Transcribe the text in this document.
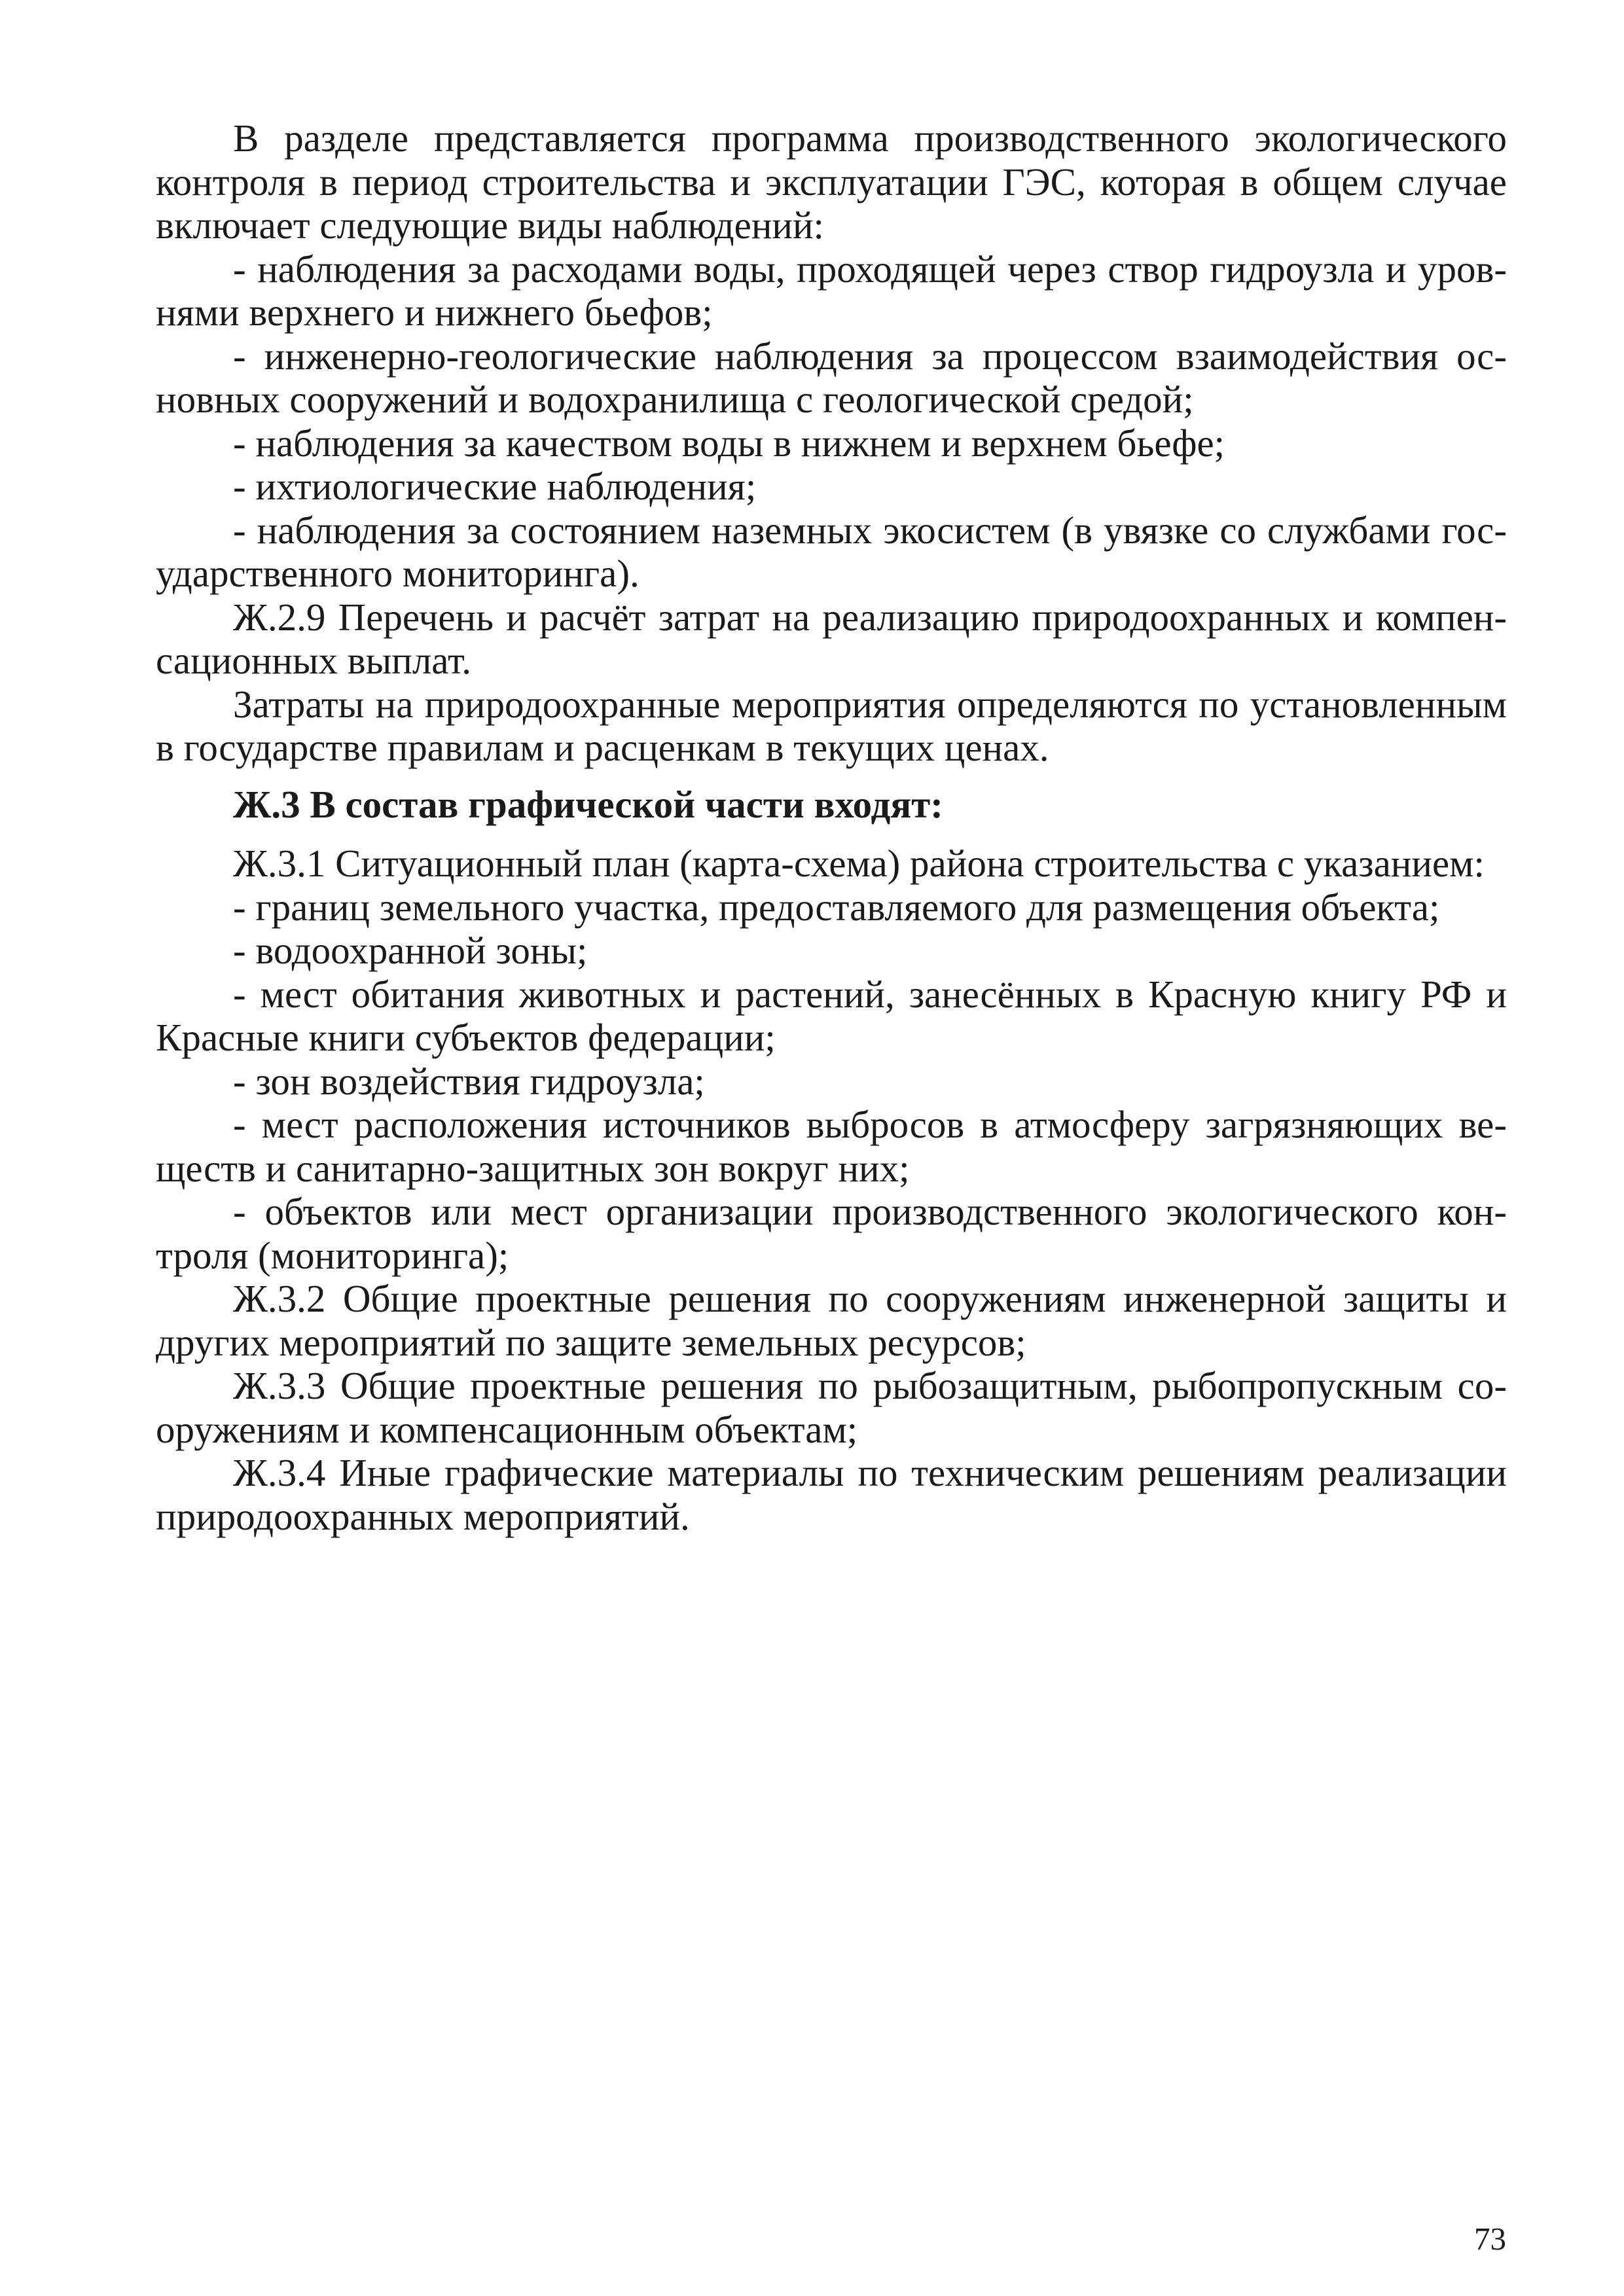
В разделе представляется программа производственного экологического контроля в период строительства и эксплуатации ГЭС, которая в общем случае включает следующие виды наблюдений:

- наблюдения за расходами воды, проходящей через створ гидроузла и уровнями верхнего и нижнего бьефов;

- инженерно-геологические наблюдения за процессом взаимодействия основных сооружений и водохранилища с геологической средой;

- наблюдения за качеством воды в нижнем и верхнем бьефе;

- ихтиологические наблюдения;

- наблюдения за состоянием наземных экосистем (в увязке со службами государственного мониторинга).

Ж.2.9 Перечень и расчёт затрат на реализацию природоохранных и компенсационных выплат.

Затраты на природоохранные мероприятия определяются по установленным в государстве правилам и расценкам в текущих ценах.

Ж.3 В состав графической части входят:

Ж.3.1 Ситуационный план (карта-схема) района строительства с указанием:

- границ земельного участка, предоставляемого для размещения объекта;

- водоохранной зоны;

- мест обитания животных и растений, занесённых в Красную книгу РФ и Красные книги субъектов федерации;

- зон воздействия гидроузла;

- мест расположения источников выбросов в атмосферу загрязняющих веществ и санитарно-защитных зон вокруг них;

- объектов или мест организации производственного экологического контроля (мониторинга);

Ж.3.2 Общие проектные решения по сооружениям инженерной защиты и других мероприятий по защите земельных ресурсов;

Ж.3.3 Общие проектные решения по рыбозащитным, рыбопропускным сооружениям и компенсационным объектам;

Ж.3.4 Иные графические материалы по техническим решениям реализации природоохранных мероприятий.

73
